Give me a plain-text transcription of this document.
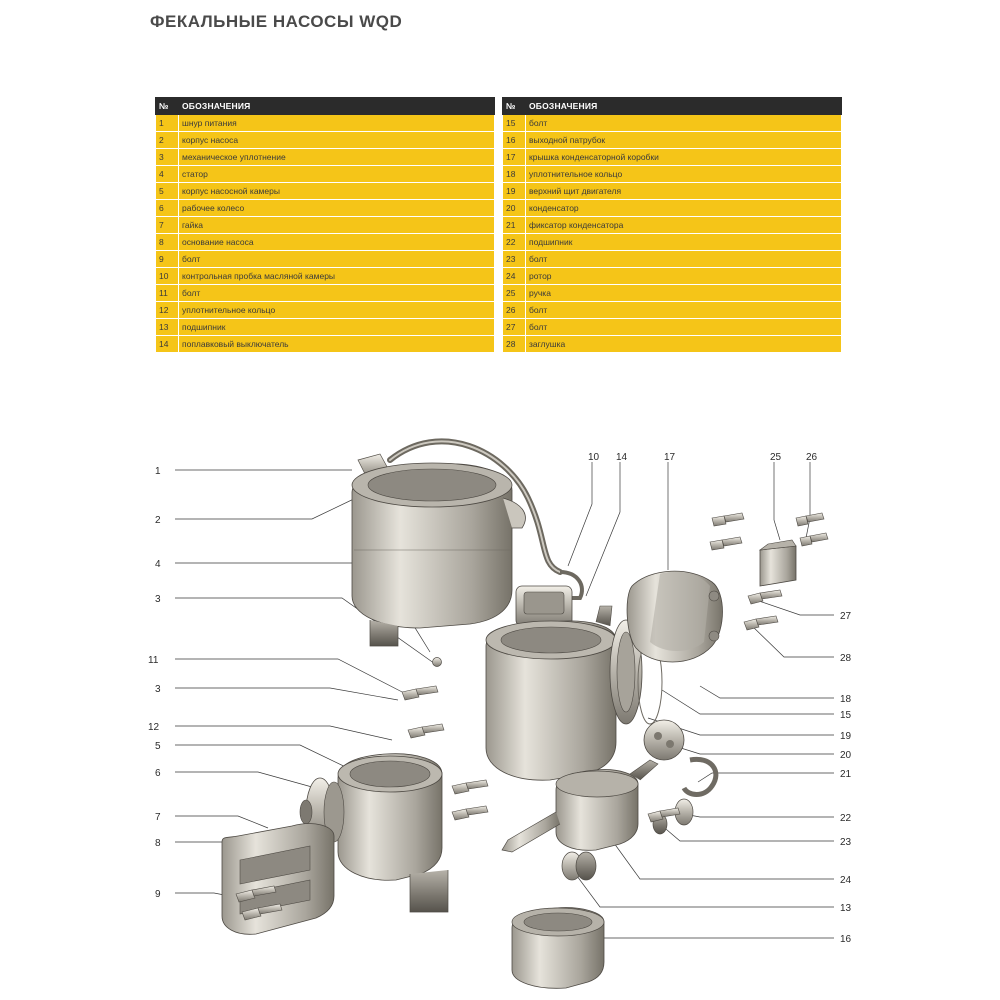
ФЕКАЛЬНЫЕ НАСОСЫ WQD
№	ОБОЗНАЧЕНИЯ
1	шнур питания
2	корпус насоса
3	механическое уплотнение
4	статор
5	корпус насосной камеры
6	рабочее колесо
7	гайка
8	основание насоса
9	болт
10	контрольная пробка масляной камеры
11	болт
12	уплотнительное кольцо
13	подшипник
14	поплавковый выключатель
№	ОБОЗНАЧЕНИЯ
15	болт
16	выходной патрубок
17	крышка конденсаторной коробки
18	уплотнительное кольцо
19	верхний щит двигателя
20	конденсатор
21	фиксатор конденсатора
22	подшипник
23	болт
24	ротор
25	ручка
26	болт
27	болт
28	заглушка
1
2
4
3
11
3
12
5
6
7
8
9
10 14	17	25 26
27
28
18
15
19
20
21
22
23
24
13
16
